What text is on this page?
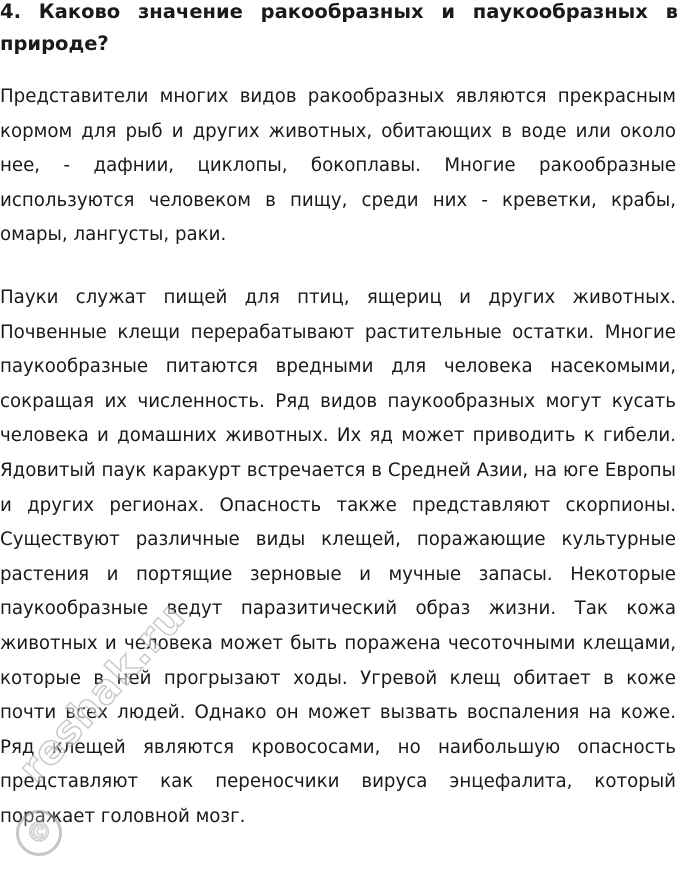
4. Каково значение ракообразных и паукообразных в природе?

Представители многих видов ракообразных являются прекрасным кормом для рыб и других животных, обитающих в воде или около нее, - дафнии, циклопы, бокоплавы. Многие ракообразные используются человеком в пищу, среди них - креветки, крабы, омары, лангусты, раки.

Пауки служат пищей для птиц, ящериц и других животных. Почвенные клещи перерабатывают растительные остатки. Многие паукообразные питаются вредными для человека насекомыми, сокращая их численность. Ряд видов паукообразных могут кусать человека и домашних животных. Их яд может приводить к гибели. Ядовитый паук каракурт встречается в Средней Азии, на юге Европы и других регионах. Опасность также представляют скорпионы. Существуют различные виды клещей, поражающие культурные растения и портящие зерновые и мучные запасы. Некоторые паукообразные ведут паразитический образ жизни. Так кожа животных и человека может быть поражена чесоточными клещами, которые в ней прогрызают ходы. Угревой клещ обитает в коже почти всех людей. Однако он может вызвать воспаления на коже. Ряд клещей являются кровососами, но наибольшую опасность представляют как переносчики вируса энцефалита, который поражает головной мозг.

©
reshak.ru
